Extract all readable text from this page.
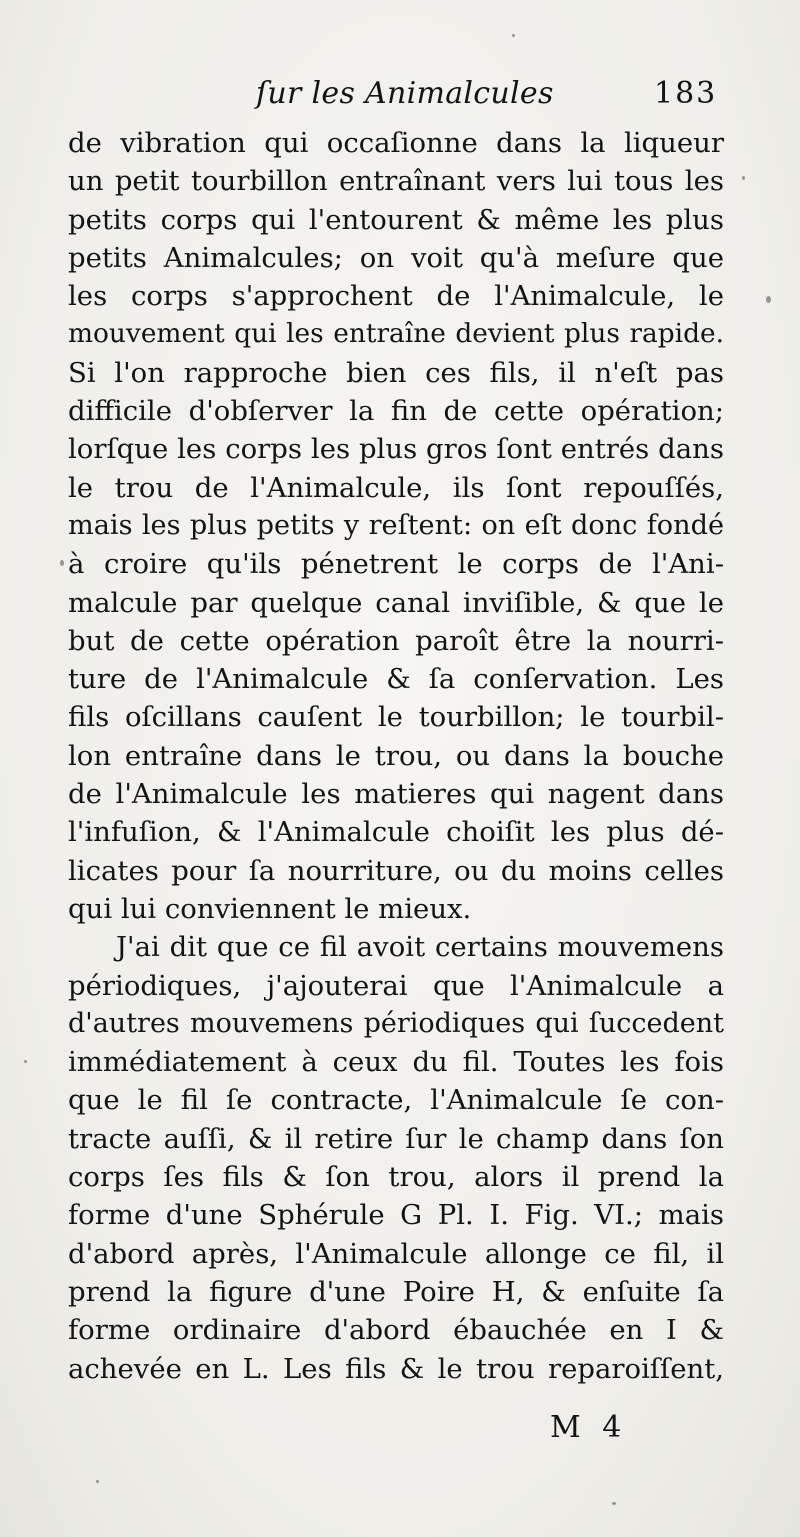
ſur les Animalcules	183
de vibration qui occaſionne dans la liqueur
un petit tourbillon entraînant vers lui tous les
petits corps qui l'entourent & même les plus
petits Animalcules; on voit qu'à meſure que
les corps s'approchent de l'Animalcule, le
mouvement qui les entraîne devient plus rapide.
Si l'on rapproche bien ces fils, il n'eſt pas
difficile d'obſerver la fin de cette opération;
lorſque les corps les plus gros ſont entrés dans
le trou de l'Animalcule, ils ſont repouſſés,
mais les plus petits y reſtent: on eſt donc fondé
à croire qu'ils pénetrent le corps de l'Ani-
malcule par quelque canal inviſible, & que le
but de cette opération paroît être la nourri-
ture de l'Animalcule & ſa conſervation. Les
fils oſcillans cauſent le tourbillon; le tourbil-
lon entraîne dans le trou, ou dans la bouche
de l'Animalcule les matieres qui nagent dans
l'infuſion, & l'Animalcule choiſit les plus dé-
licates pour ſa nourriture, ou du moins celles
qui lui conviennent le mieux.
J'ai dit que ce fil avoit certains mouvemens
périodiques, j'ajouterai que l'Animalcule a
d'autres mouvemens périodiques qui ſuccedent
immédiatement à ceux du fil. Toutes les fois
que le fil ſe contracte, l'Animalcule ſe con-
tracte auſſi, & il retire ſur le champ dans ſon
corps ſes fils & ſon trou, alors il prend la
forme d'une Sphérule G Pl. I. Fig. VI.; mais
d'abord après, l'Animalcule allonge ce fil, il
prend la figure d'une Poire H, & enſuite ſa
forme ordinaire d'abord ébauchée en I &
achevée en L. Les fils & le trou reparoiſſent,
M 4
